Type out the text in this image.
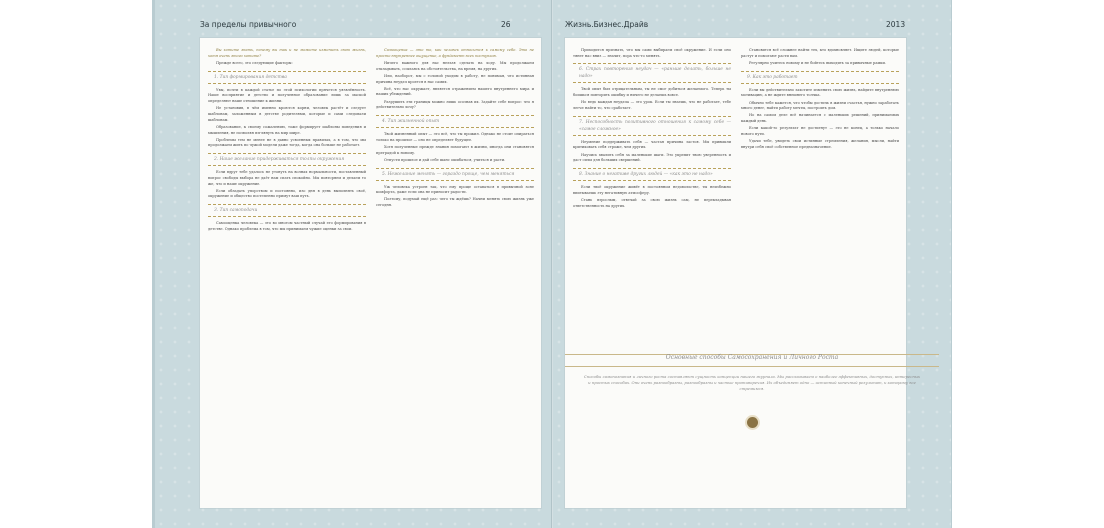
За пределы привычного	26

Вы хотите знать, почему вы так и не можете изменить свою жизнь, хотя очень этого хотите?

Прежде всего, это следующие факторы:

1. Тип формирования детства

Увы, почти в каждой статье по этой психологии прячется уязвлённость. Наше восприятие и детство и полученное образование лишь за маской определяют наше отношение к жизни.

Не установив, в чём именно кроются корни, человек растёт и следует шаблонам, заложенным в детстве родителями, которые и сами следовали шаблонам.

Образование, к своему сожалению, тоже формирует шаблоны поведения и мышления, не позволяя взглянуть на мир шире.

Проблемы тем не менее не в давно усвоенных правилах, а в том, что мы продолжаем жить по чужой модели даже тогда, когда она больше не работает.

2. Наше желание придерживаться толпы окружения

Если вдруг тебе удалось не утонуть на волнах нормальности, поставленный вопрос свободы выбора не даёт нам спать спокойно. Мы повторяем и делаем то же, что и наше окружение.

Если обладать упорством и постоянно, изо дня в день выполнять своё, окружение и общество постепенно примут ваш путь.

3. Тип самоподачи

Самооценка человека — это во многом частный случай его формирования в детстве. Однако проблема в том, что мы принимаем чужие оценки за свои.

Самооценка — это то, как человек относится к самому себе. Это не просто внутреннее ощущение, а фундамент всех поступков.

Ничего важного для нас нельзя сделать на ходу. Мы продолжаем откладывать, ссылаясь на обстоятельства, на время, на других.

Или, наоборот, мы с головой уходим в работу, не понимая, что истинная причина неудач кроется в нас самих.

Всё, что нас окружает, является отражением нашего внутреннего мира и наших убеждений.

Разрушить эти границы можно лишь осознав их. Задайте себе вопрос: что я действительно хочу?

4. Тип жизненной опыт

Твой жизненный опыт — это всё, что ты прожил. Однако не стоит опираться только на прошлое — оно не определяет будущее.

Хотя полученные прежде знания помогают в жизни, иногда они становятся преградой к новому.

Отпусти прошлое и дай себе шанс ошибаться, учиться и расти.

5. Нежелание менять — гораздо проще, чем меняться

Уж человека устроен так, что ему проще оставаться в привычной зоне комфорта, даже если она не приносит радости.

Поэтому, подумай ещё раз: чего ты ждёшь? Начни менять свою жизнь уже сегодня.

Жизнь.Бизнес.Драйв	2013

Приходится признать, что мы сами выбираем своё окружение. И если оно тянет нас вниз — значит, пора что-то менять.

6. Страх повторения неудач — «раньше делать, больше не надо»

Твой опыт был отрицательным, ты не смог добиться желаемого. Теперь ты боишься повторить ошибку и ничего не делаешь вовсе.

Но ведь каждая неудача — это урок. Если ты знаешь, что не работает, тебе легче найти то, что сработает.

7. Неспособность позитивного отношения к самому себе — «самое сложное»

Неумение поддерживать себя — частая причина застоя. Мы привыкли критиковать себя строже, чем других.

Научись хвалить себя за маленькие шаги. Это укрепит твою уверенность и даст силы для больших свершений.

8. Знание о негативе других людей — «как это не надо»

Если твоё окружение живёт в постоянном недовольстве, ты неизбежно впитываешь эту негативную атмосферу.

Стань взрослым, отвечай за свою жизнь сам, не перекладывая ответственность на других.

Становится всё сложнее найти тех, кто вдохновляет. Ищите людей, которые растут и помогают расти вам.

Регулярно учитесь новому и не бойтесь выходить за привычные рамки.

9. Как это работает

Если вы действительно захотите изменить свою жизнь, найдите внутреннюю мотивацию, а не ждите внешнего толчка.

Обычно тебе кажется, что чтобы достичь в жизни счастья, нужно заработать много денег, найти работу мечты, построить дом.

Но на самом деле всё начинается с маленьких решений, принимаемых каждый день.

Если какой-то результат не достигнут — это не конец, а только начало нового пути.

Удачи тебе, увидеть свои истинные стремления, желания, мысли, найти внутри себя своё собственное предназначение.

Основные способы Самосохранения и Личного Роста
Способы самопознания и личного роста составляют сущность концепции нашего журнала. Мы рассказываем о наиболее эффективных, доступных, интересных и простых способах. Они очень разнообразны, разнообразны и частые противоречия. Их объединяет одно — истинный конечный результат, к которому все стремимся.
